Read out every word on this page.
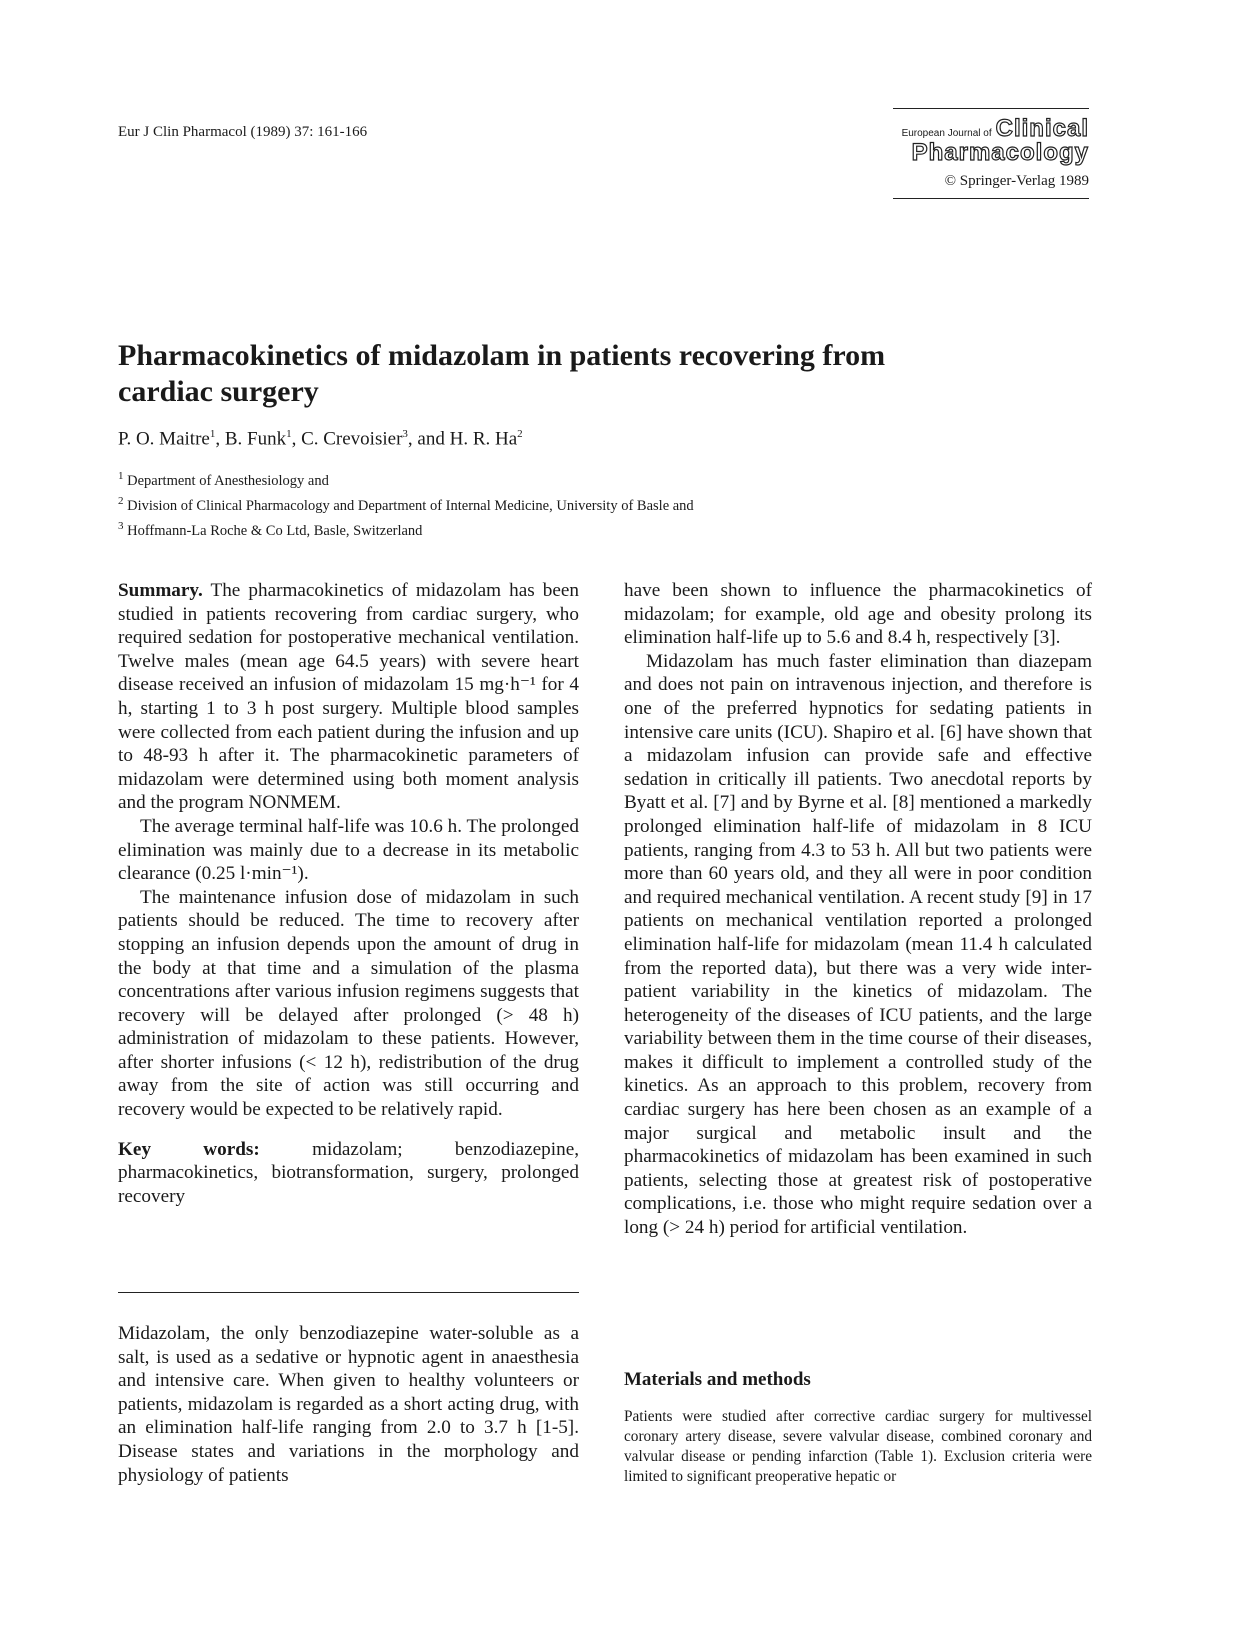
Eur J Clin Pharmacol (1989) 37: 161-166	European Journal of Clinical
Pharmacology
© Springer-Verlag 1989
Pharmacokinetics of midazolam in patients recovering from cardiac surgery
P. O. Maitre$^1$, B. Funk$^1$, C. Crevoisier$^3$, and H. R. Ha$^2$
$^1$ Department of Anesthesiology and
$^2$ Division of Clinical Pharmacology and Department of Internal Medicine, University of Basle and
$^3$ Hoffmann-La Roche & Co Ltd, Basle, Switzerland

Summary. The pharmacokinetics of midazolam has been studied in patients recovering from cardiac surgery, who required sedation for postoperative mechanical ventilation. Twelve males (mean age 64.5 years) with severe heart disease received an infusion of midazolam 15 mg·h⁻¹ for 4 h, starting 1 to 3 h post surgery. Multiple blood samples were collected from each patient during the infusion and up to 48-93 h after it. The pharmacokinetic parameters of midazolam were determined using both moment analysis and the program NONMEM.

The average terminal half-life was 10.6 h. The prolonged elimination was mainly due to a decrease in its metabolic clearance (0.25 l·min⁻¹).

The maintenance infusion dose of midazolam in such patients should be reduced. The time to recovery after stopping an infusion depends upon the amount of drug in the body at that time and a simulation of the plasma concentrations after various infusion regimens suggests that recovery will be delayed after prolonged (> 48 h) administration of midazolam to these patients. However, after shorter infusions (< 12 h), redistribution of the drug away from the site of action was still occurring and recovery would be expected to be relatively rapid.

Key words:	midazolam; benzodiazepine, pharmacokinetics, biotransformation, surgery, prolonged recovery

Midazolam, the only benzodiazepine water-soluble as a salt, is used as a sedative or hypnotic agent in anaesthesia and intensive care. When given to healthy volunteers or patients, midazolam is regarded as a short acting drug, with an elimination half-life ranging from 2.0 to 3.7 h [1-5]. Disease states and variations in the morphology and physiology of patients

have been shown to influence the pharmacokinetics of midazolam; for example, old age and obesity prolong its elimination half-life up to 5.6 and 8.4 h, respectively [3].

Midazolam has much faster elimination than diazepam and does not pain on intravenous injection, and therefore is one of the preferred hypnotics for sedating patients in intensive care units (ICU). Shapiro et al. [6] have shown that a midazolam infusion can provide safe and effective sedation in critically ill patients. Two anecdotal reports by Byatt et al. [7] and by Byrne et al. [8] mentioned a markedly prolonged elimination half-life of midazolam in 8 ICU patients, ranging from 4.3 to 53 h. All but two patients were more than 60 years old, and they all were in poor condition and required mechanical ventilation. A recent study [9] in 17 patients on mechanical ventilation reported a prolonged elimination half-life for midazolam (mean 11.4 h calculated from the reported data), but there was a very wide inter-patient variability in the kinetics of midazolam. The heterogeneity of the diseases of ICU patients, and the large variability between them in the time course of their diseases, makes it difficult to implement a controlled study of the kinetics. As an approach to this problem, recovery from cardiac surgery has here been chosen as an example of a major surgical and metabolic insult and the pharmacokinetics of midazolam has been examined in such patients, selecting those at greatest risk of postoperative complications, i.e. those who might require sedation over a long (> 24 h) period for artificial ventilation.

Materials and methods
Patients were studied after corrective cardiac surgery for multivessel coronary artery disease, severe valvular disease, combined coronary and valvular disease or pending infarction (Table 1). Exclusion criteria were limited to significant preoperative hepatic or
